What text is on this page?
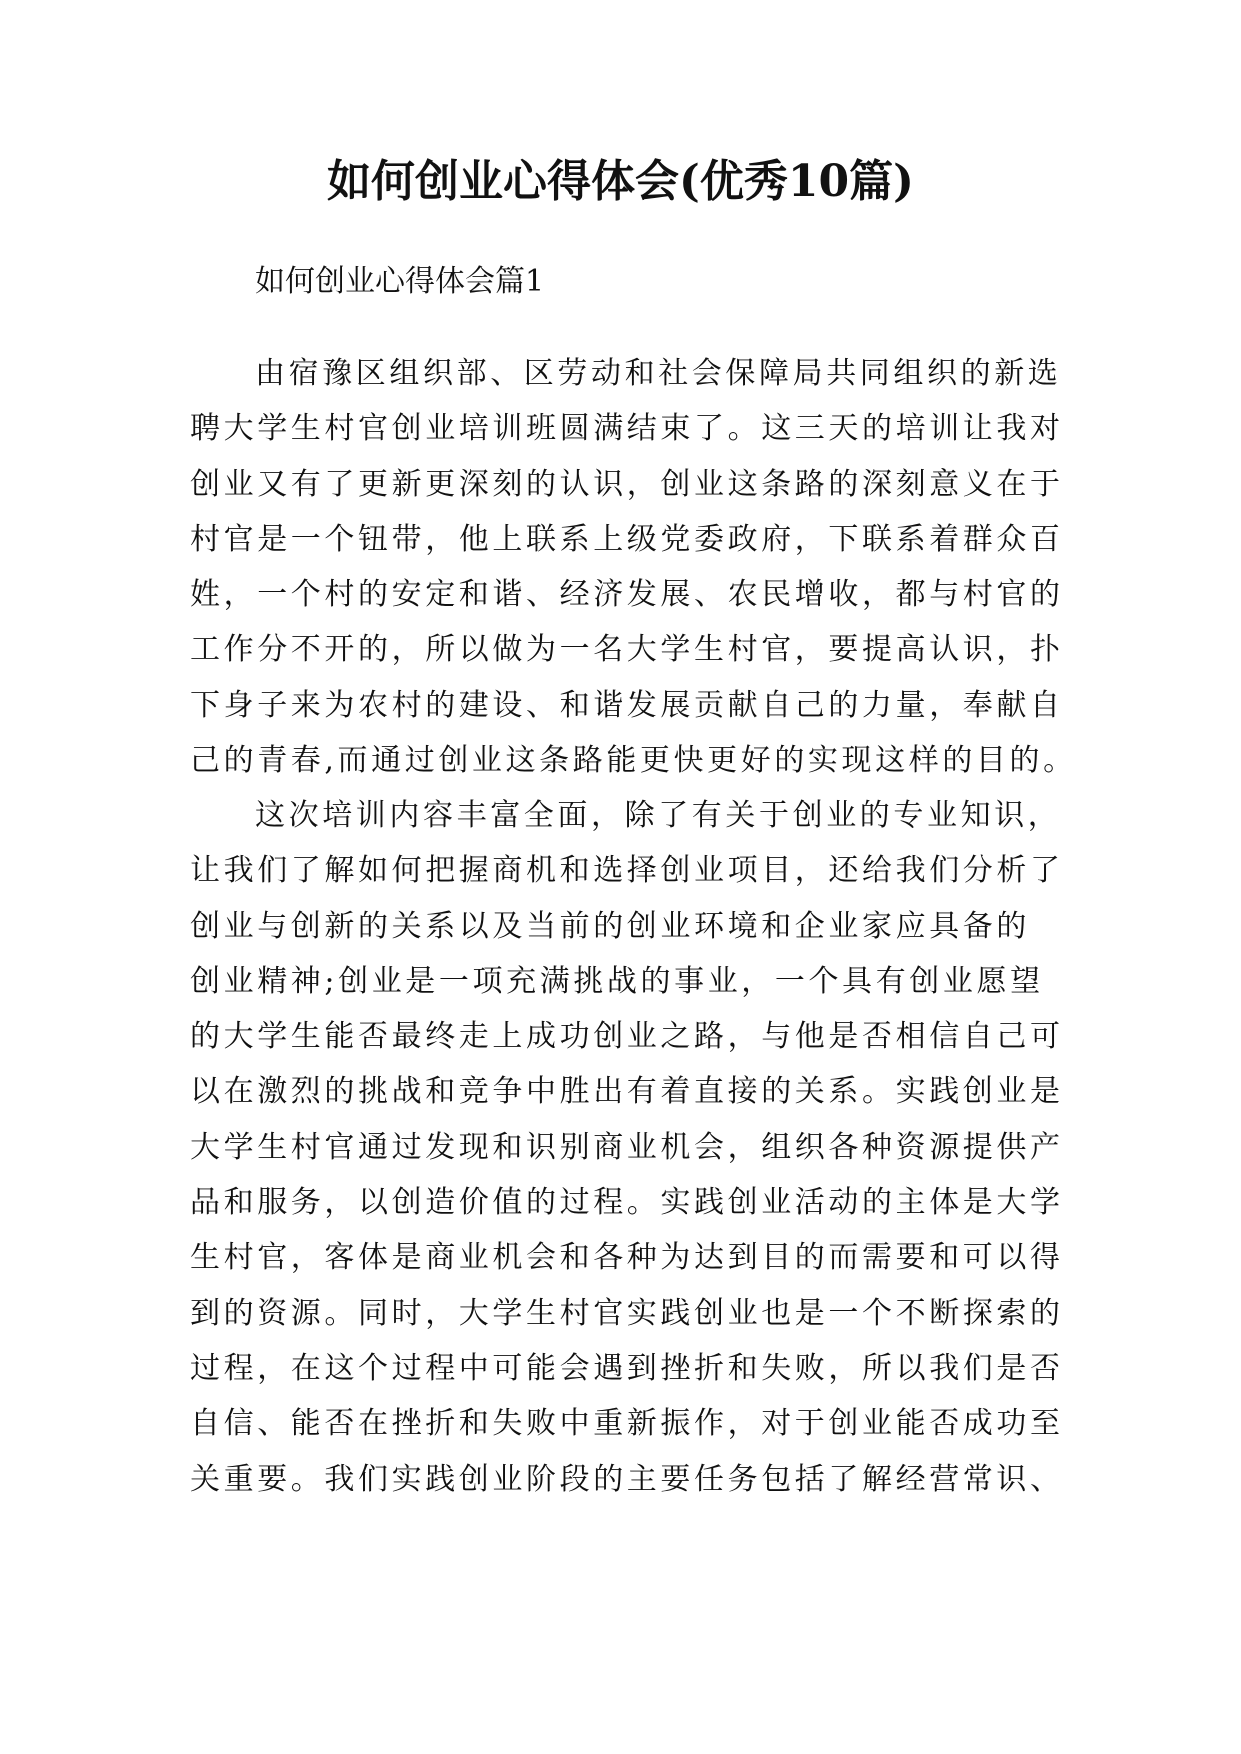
如何创业心得体会(优秀10篇)
如何创业心得体会篇1
由宿豫区组织部、区劳动和社会保障局共同组织的新选
聘大学生村官创业培训班圆满结束了。这三天的培训让我对
创业又有了更新更深刻的认识，创业这条路的深刻意义在于
村官是一个钮带，他上联系上级党委政府，下联系着群众百
姓，一个村的安定和谐、经济发展、农民增收，都与村官的
工作分不开的，所以做为一名大学生村官，要提高认识，扑
下身子来为农村的建设、和谐发展贡献自己的力量，奉献自
己的青春,而通过创业这条路能更快更好的实现这样的目的。
这次培训内容丰富全面，除了有关于创业的专业知识，
让我们了解如何把握商机和选择创业项目，还给我们分析了
创业与创新的关系以及当前的创业环境和企业家应具备的
创业精神;创业是一项充满挑战的事业，一个具有创业愿望
的大学生能否最终走上成功创业之路，与他是否相信自己可
以在激烈的挑战和竞争中胜出有着直接的关系。实践创业是
大学生村官通过发现和识别商业机会，组织各种资源提供产
品和服务，以创造价值的过程。实践创业活动的主体是大学
生村官，客体是商业机会和各种为达到目的而需要和可以得
到的资源。同时，大学生村官实践创业也是一个不断探索的
过程，在这个过程中可能会遇到挫折和失败，所以我们是否
自信、能否在挫折和失败中重新振作，对于创业能否成功至
关重要。我们实践创业阶段的主要任务包括了解经营常识、
